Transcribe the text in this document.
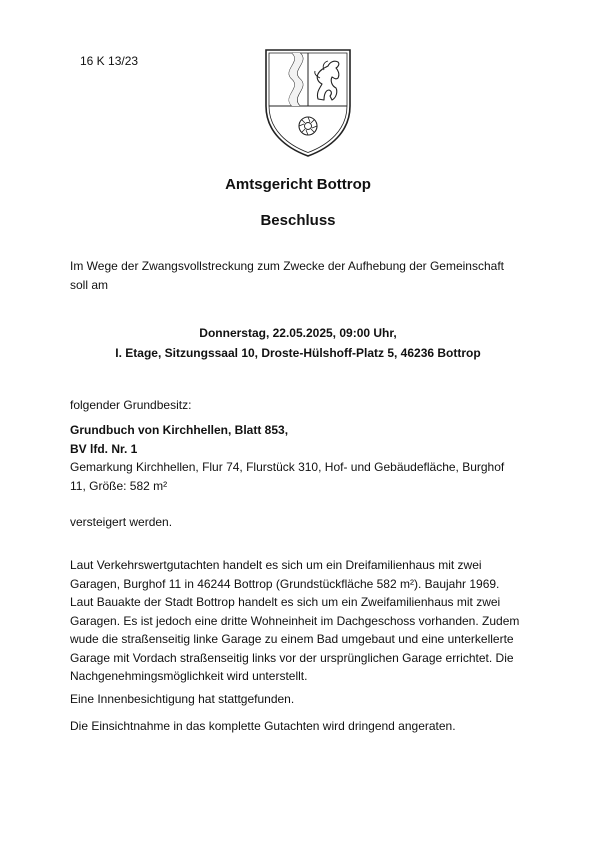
16 K 13/23
Amtsgericht Bottrop
Beschluss

Im Wege der Zwangsvollstreckung zum Zwecke der Aufhebung der Gemeinschaft

soll am

Donnerstag, 22.05.2025, 09:00 Uhr,

I. Etage, Sitzungssaal 10, Droste-Hülshoff-Platz 5, 46236 Bottrop

folgender Grundbesitz:

Grundbuch von Kirchhellen, Blatt 853,

BV lfd. Nr. 1

Gemarkung Kirchhellen, Flur 74, Flurstück 310, Hof- und Gebäudefläche, Burghof

11, Größe: 582 m²

versteigert werden.

Laut Verkehrswertgutachten handelt es sich um ein Dreifamilienhaus mit zwei

Garagen, Burghof 11 in 46244 Bottrop (Grundstückfläche 582 m²). Baujahr 1969.

Laut Bauakte der Stadt Bottrop handelt es sich um ein Zweifamilienhaus mit zwei

Garagen. Es ist jedoch eine dritte Wohneinheit im Dachgeschoss vorhanden. Zudem

wude die straßenseitig linke Garage zu einem Bad umgebaut und eine unterkellerte

Garage mit Vordach straßenseitig links vor der ursprünglichen Garage errichtet. Die

Nachgenehmingsmöglichkeit wird unterstellt.

Eine Innenbesichtigung hat stattgefunden.
Die Einsichtnahme in das komplette Gutachten wird dringend angeraten.
